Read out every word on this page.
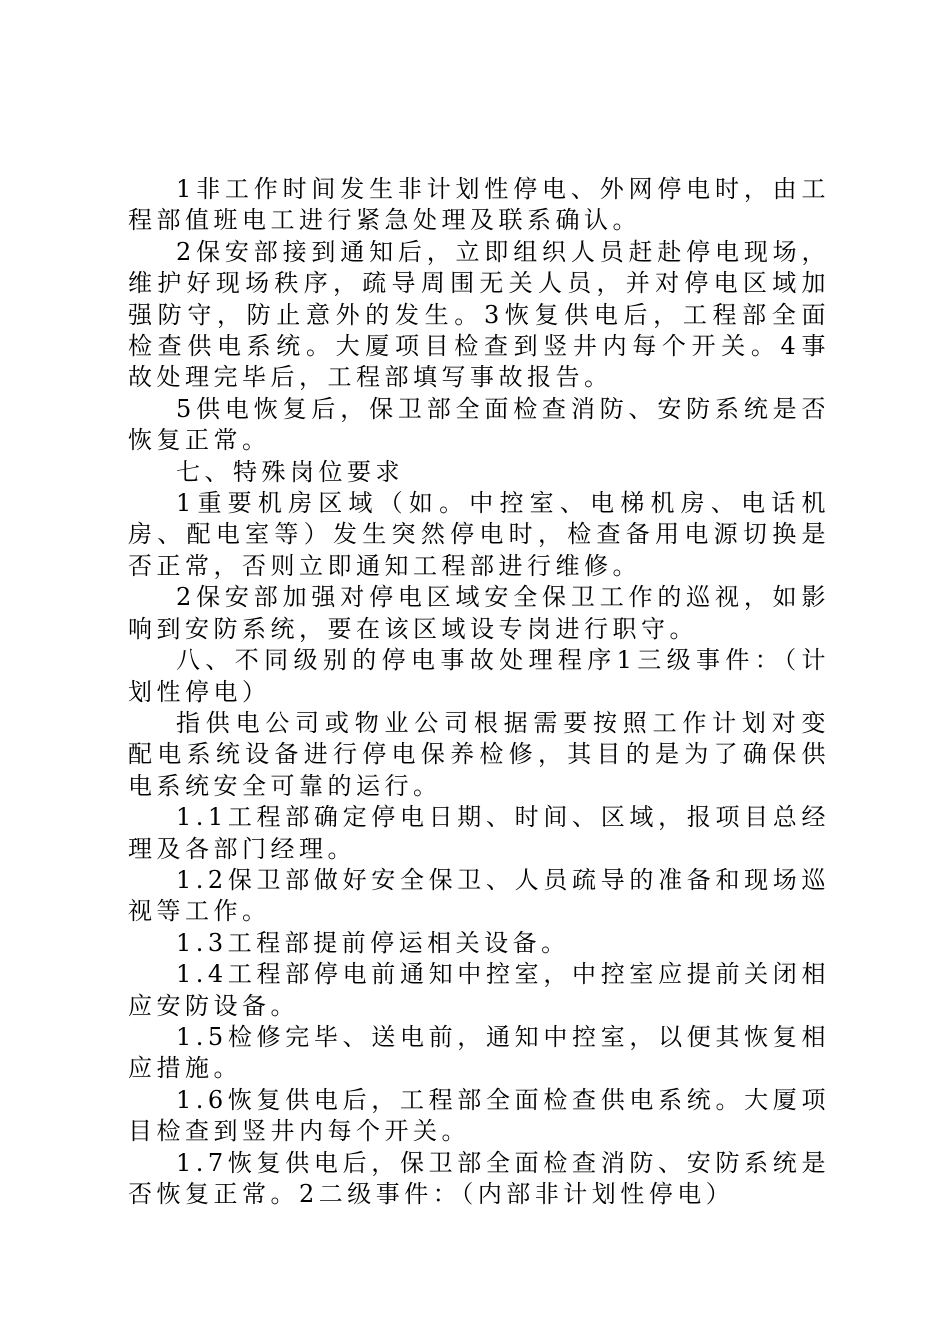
1非工作时间发生非计划性停电、外网停电时，由工程部值班电工进行紧急处理及联系确认。

2保安部接到通知后，立即组织人员赶赴停电现场，维护好现场秩序，疏导周围无关人员，并对停电区域加强防守，防止意外的发生。3恢复供电后，工程部全面检查供电系统。大厦项目检查到竖井内每个开关。4事故处理完毕后，工程部填写事故报告。

5供电恢复后，保卫部全面检查消防、安防系统是否恢复正常。

七、特殊岗位要求

1重要机房区域（如。中控室、电梯机房、电话机房、配电室等）发生突然停电时，检查备用电源切换是否正常，否则立即通知工程部进行维修。

2保安部加强对停电区域安全保卫工作的巡视，如影响到安防系统，要在该区域设专岗进行职守。

八、不同级别的停电事故处理程序1三级事件：（计划性停电）

指供电公司或物业公司根据需要按照工作计划对变配电系统设备进行停电保养检修，其目的是为了确保供电系统安全可靠的运行。

1.1工程部确定停电日期、时间、区域，报项目总经理及各部门经理。

1.2保卫部做好安全保卫、人员疏导的准备和现场巡视等工作。

1.3工程部提前停运相关设备。

1.4工程部停电前通知中控室，中控室应提前关闭相应安防设备。

1.5检修完毕、送电前，通知中控室，以便其恢复相应措施。

1.6恢复供电后，工程部全面检查供电系统。大厦项目检查到竖井内每个开关。

1.7恢复供电后，保卫部全面检查消防、安防系统是否恢复正常。2二级事件：（内部非计划性停电）
